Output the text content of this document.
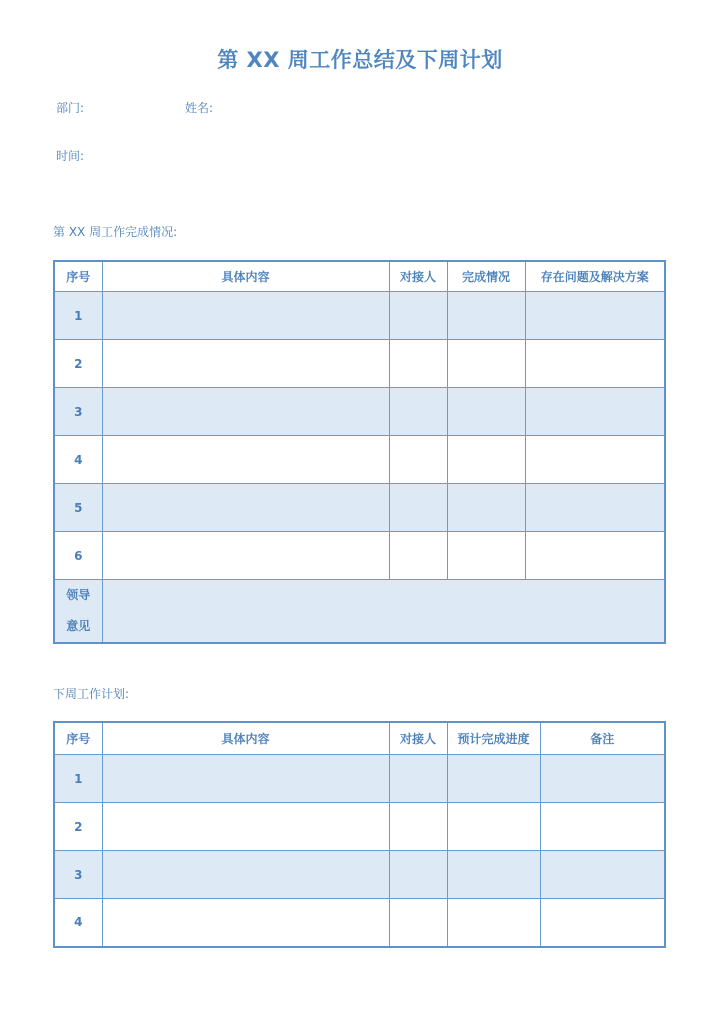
第 XX 周工作总结及下周计划
部门:	姓名:
时间:
第 XX 周工作完成情况:
序号	具体内容	对接人	完成情况	存在问题及解决方案
1				
2				
3				
4				
5				
6				
领导
意见				
下周工作计划:
序号	具体内容	对接人	预计完成进度	备注
1				
2				
3				
4				
